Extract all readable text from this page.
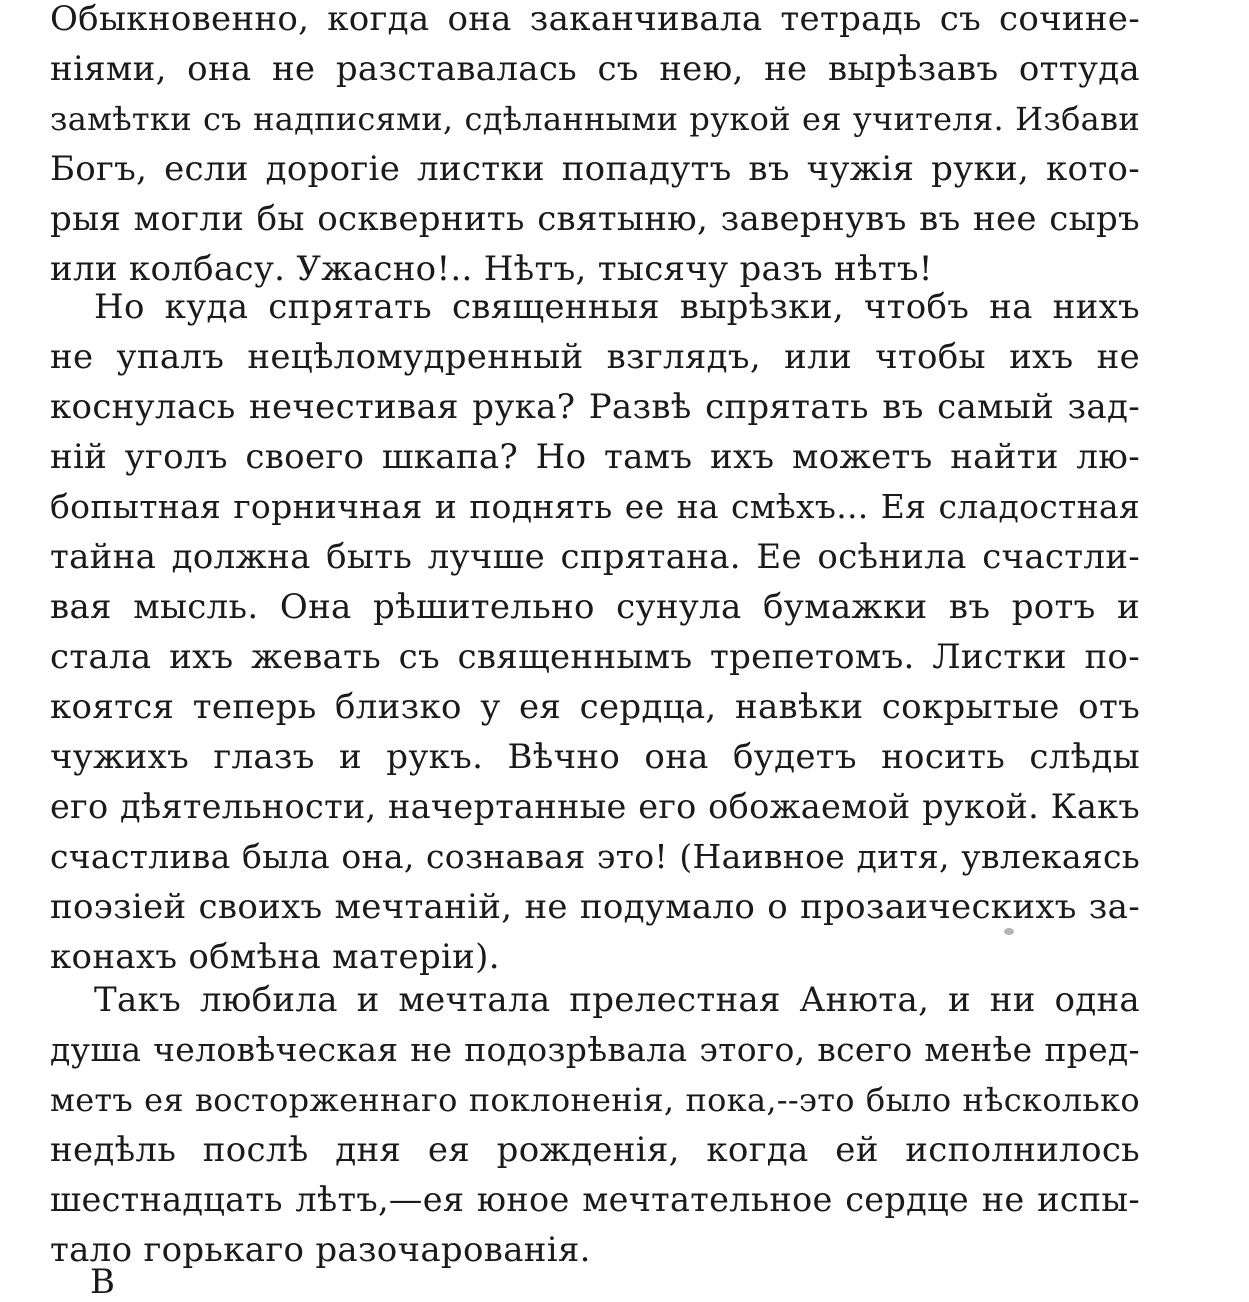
Обыкновенно, когда она заканчивала тетрадь съ сочине-
ніями, она не разставалась съ нею, не вырѣзавъ оттуда
замѣтки съ надписями, сдѣланными рукой ея учителя. Избави
Богъ, если дорогіе листки попадутъ въ чужія руки, кото-
рыя могли бы осквернить святыню, завернувъ въ нее сыръ
или колбасу. Ужасно!.. Нѣтъ, тысячу разъ нѣтъ!
Но куда спрятать священныя вырѣзки, чтобъ на нихъ
не упалъ нецѣломудренный взглядъ, или чтобы ихъ не
коснулась нечестивая рука? Развѣ спрятать въ самый зад-
ній уголъ своего шкапа? Но тамъ ихъ можетъ найти лю-
бопытная горничная и поднять ее на смѣхъ... Ея сладостная
тайна должна быть лучше спрятана. Ее осѣнила счастли-
вая мысль. Она рѣшительно сунула бумажки въ ротъ и
стала ихъ жевать съ священнымъ трепетомъ. Листки по-
коятся теперь близко у ея сердца, навѣки сокрытые отъ
чужихъ глазъ и рукъ. Вѣчно она будетъ носить слѣды
его дѣятельности, начертанные его обожаемой рукой. Какъ
счастлива была она, сознавая это! (Наивное дитя, увлекаясь
поэзіей своихъ мечтаній, не подумало о прозаическихъ за-
конахъ обмѣна матеріи).
Такъ любила и мечтала прелестная Анюта, и ни одна
душа человѣческая не подозрѣвала этого, всего менѣе пред-
метъ ея восторженнаго поклоненія, пока,--это было нѣсколько
недѣль послѣ дня ея рожденія, когда ей исполнилось
шестнадцать лѣтъ,—ея юное мечтательное сердце не испы-
тало горькаго разочарованія.
В
